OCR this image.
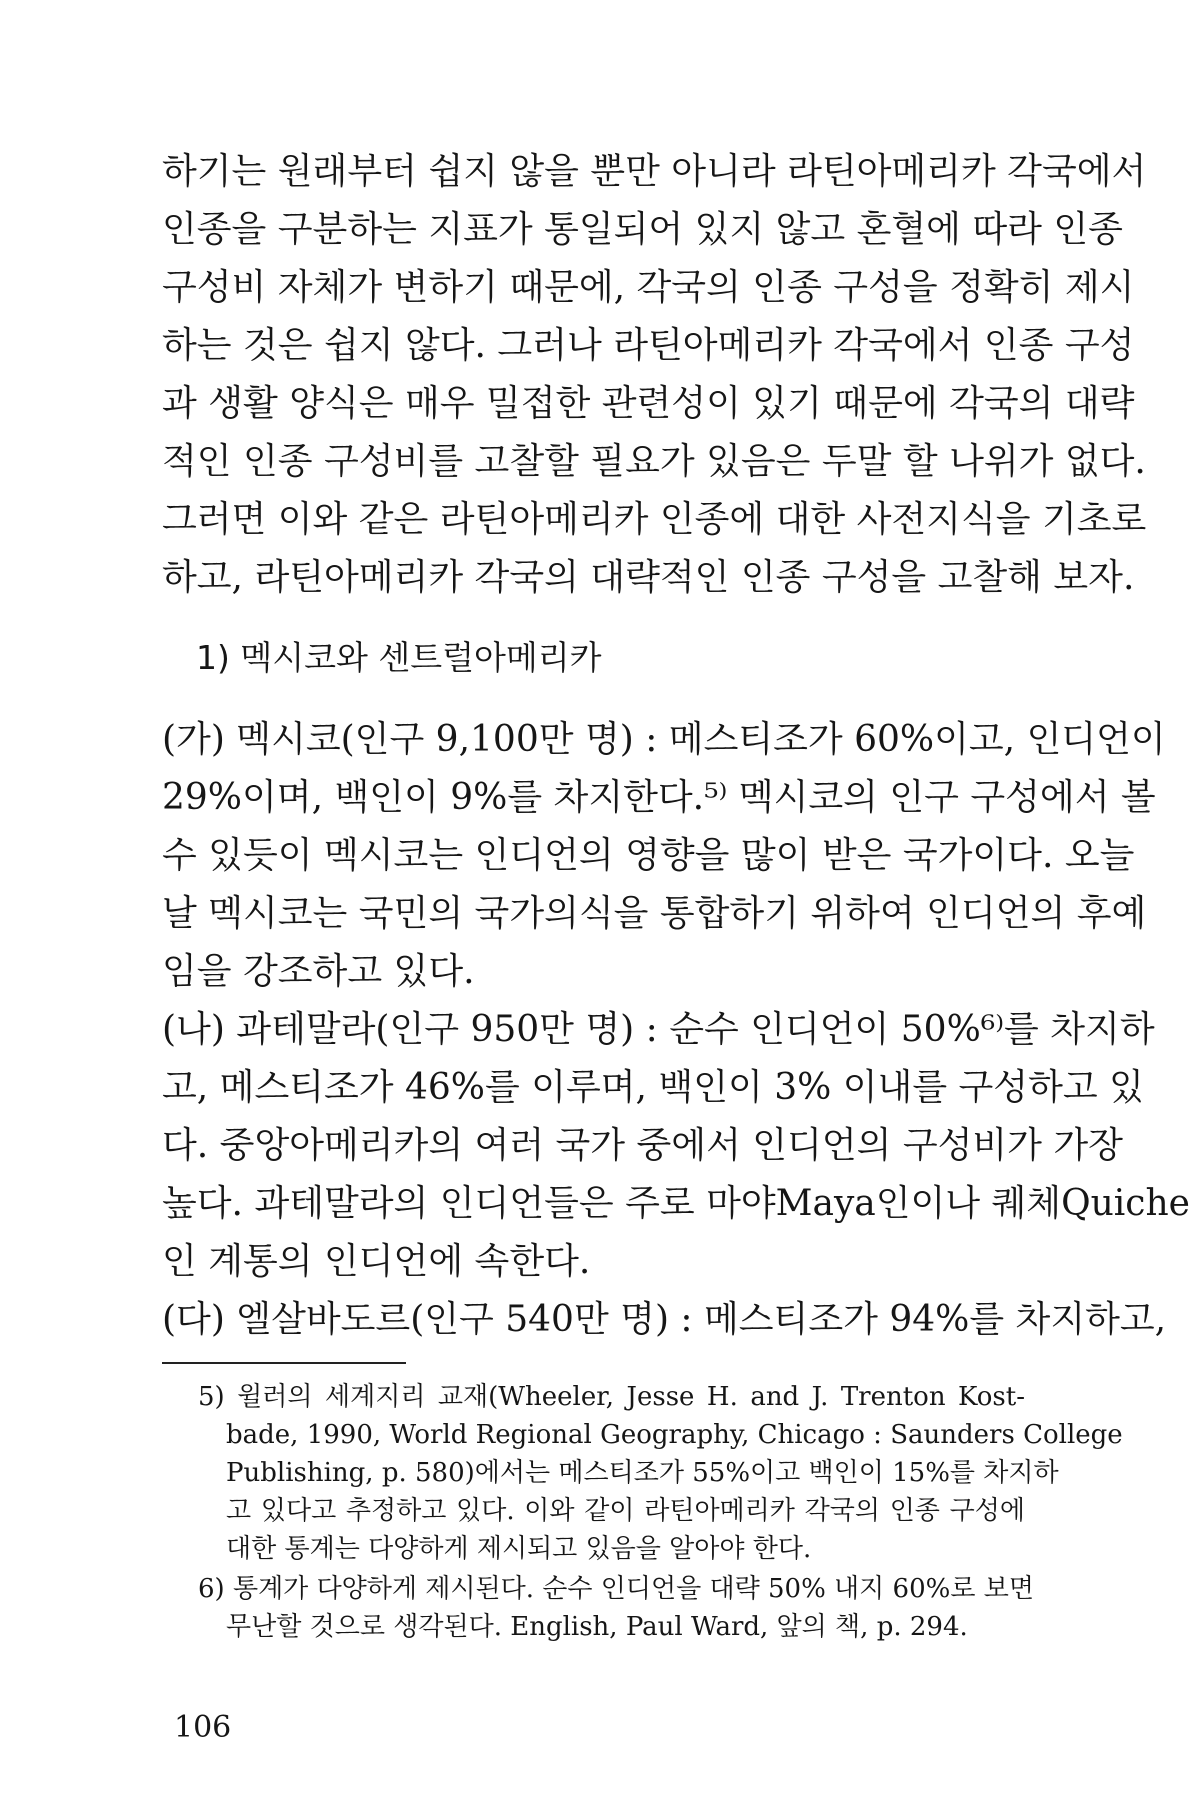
하기는 원래부터 쉽지 않을 뿐만 아니라 라틴아메리카 각국에서
인종을 구분하는 지표가 통일되어 있지 않고 혼혈에 따라 인종
구성비 자체가 변하기 때문에, 각국의 인종 구성을 정확히 제시
하는 것은 쉽지 않다. 그러나 라틴아메리카 각국에서 인종 구성
과 생활 양식은 매우 밀접한 관련성이 있기 때문에 각국의 대략
적인 인종 구성비를 고찰할 필요가 있음은 두말 할 나위가 없다.
그러면 이와 같은 라틴아메리카 인종에 대한 사전지식을 기초로
하고, 라틴아메리카 각국의 대략적인 인종 구성을 고찰해 보자.
1) 멕시코와 센트럴아메리카
(가) 멕시코(인구 9,100만 명) : 메스티조가 60%이고, 인디언이
29%이며, 백인이 9%를 차지한다.⁵⁾ 멕시코의 인구 구성에서 볼
수 있듯이 멕시코는 인디언의 영향을 많이 받은 국가이다. 오늘
날 멕시코는 국민의 국가의식을 통합하기 위하여 인디언의 후예
임을 강조하고 있다.
(나) 과테말라(인구 950만 명) : 순수 인디언이 50%⁶⁾를 차지하
고, 메스티조가 46%를 이루며, 백인이 3% 이내를 구성하고 있
다. 중앙아메리카의 여러 국가 중에서 인디언의 구성비가 가장
높다. 과테말라의 인디언들은 주로 마야Maya인이나 퀘체Quiche
인 계통의 인디언에 속한다.
(다) 엘살바도르(인구 540만 명) : 메스티조가 94%를 차지하고,
5) 윌러의 세계지리 교재(Wheeler, Jesse H. and J. Trenton Kost-
bade, 1990, World Regional Geography, Chicago : Saunders College
Publishing, p. 580)에서는 메스티조가 55%이고 백인이 15%를 차지하
고 있다고 추정하고 있다. 이와 같이 라틴아메리카 각국의 인종 구성에
대한 통계는 다양하게 제시되고 있음을 알아야 한다.
6) 통계가 다양하게 제시된다. 순수 인디언을 대략 50% 내지 60%로 보면
무난할 것으로 생각된다. English, Paul Ward, 앞의 책, p. 294.
106
